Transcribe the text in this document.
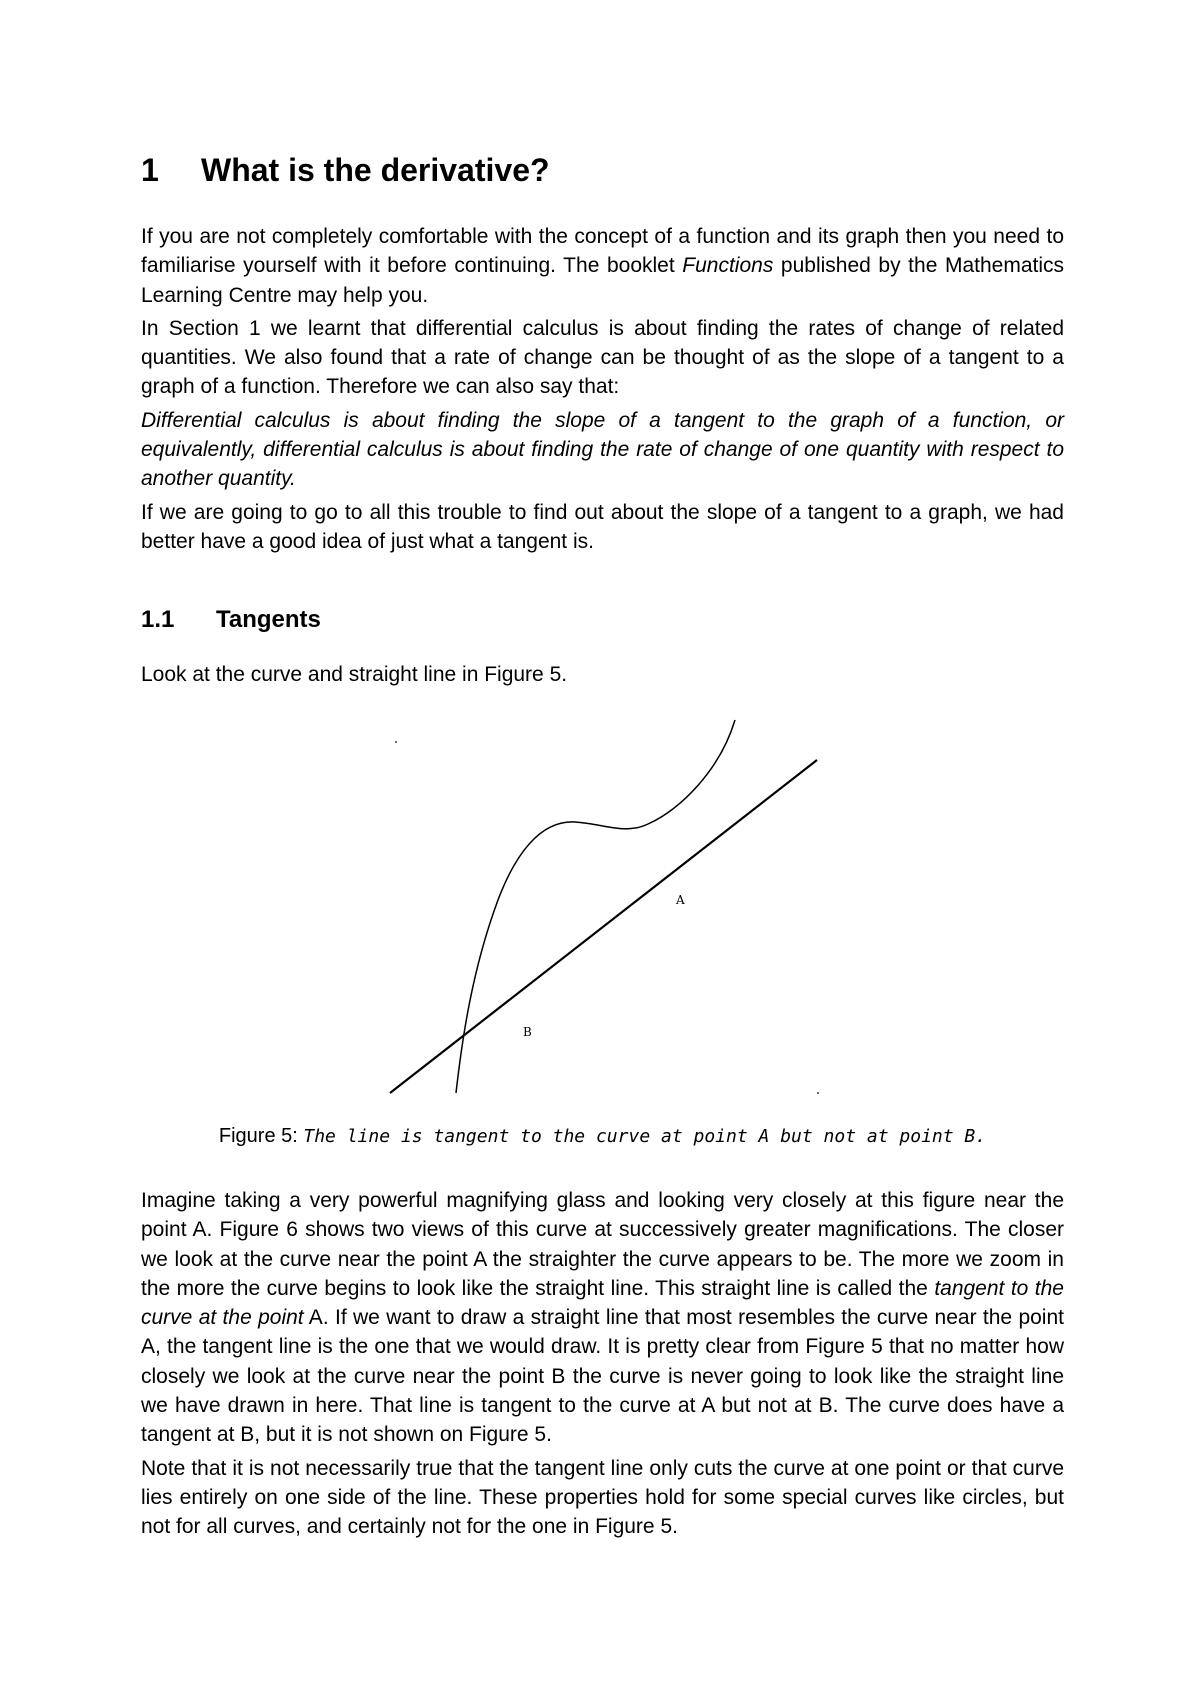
1 What is the derivative?

If you are not completely comfortable with the concept of a function and its graph then you need to familiarise yourself with it before continuing. The booklet Functions published by the Mathematics Learning Centre may help you.

In Section 1 we learnt that differential calculus is about finding the rates of change of related quantities. We also found that a rate of change can be thought of as the slope of a tangent to a graph of a function. Therefore we can also say that:

Differential calculus is about finding the slope of a tangent to the graph of a function, or equivalently, differential calculus is about finding the rate of change of one quantity with respect to another quantity.

If we are going to go to all this trouble to find out about the slope of a tangent to a graph, we had better have a good idea of just what a tangent is.

1.1 Tangents

Look at the curve and straight line in Figure 5.

A
B
Figure 5: The line is tangent to the curve at point A but not at point B.

Imagine taking a very powerful magnifying glass and looking very closely at this figure near the point A. Figure 6 shows two views of this curve at successively greater magnifications. The closer we look at the curve near the point A the straighter the curve appears to be. The more we zoom in the more the curve begins to look like the straight line. This straight line is called the tangent to the curve at the point A. If we want to draw a straight line that most resembles the curve near the point A, the tangent line is the one that we would draw. It is pretty clear from Figure 5 that no matter how closely we look at the curve near the point B the curve is never going to look like the straight line we have drawn in here. That line is tangent to the curve at A but not at B. The curve does have a tangent at B, but it is not shown on Figure 5.

Note that it is not necessarily true that the tangent line only cuts the curve at one point or that curve lies entirely on one side of the line. These properties hold for some special curves like circles, but not for all curves, and certainly not for the one in Figure 5.
